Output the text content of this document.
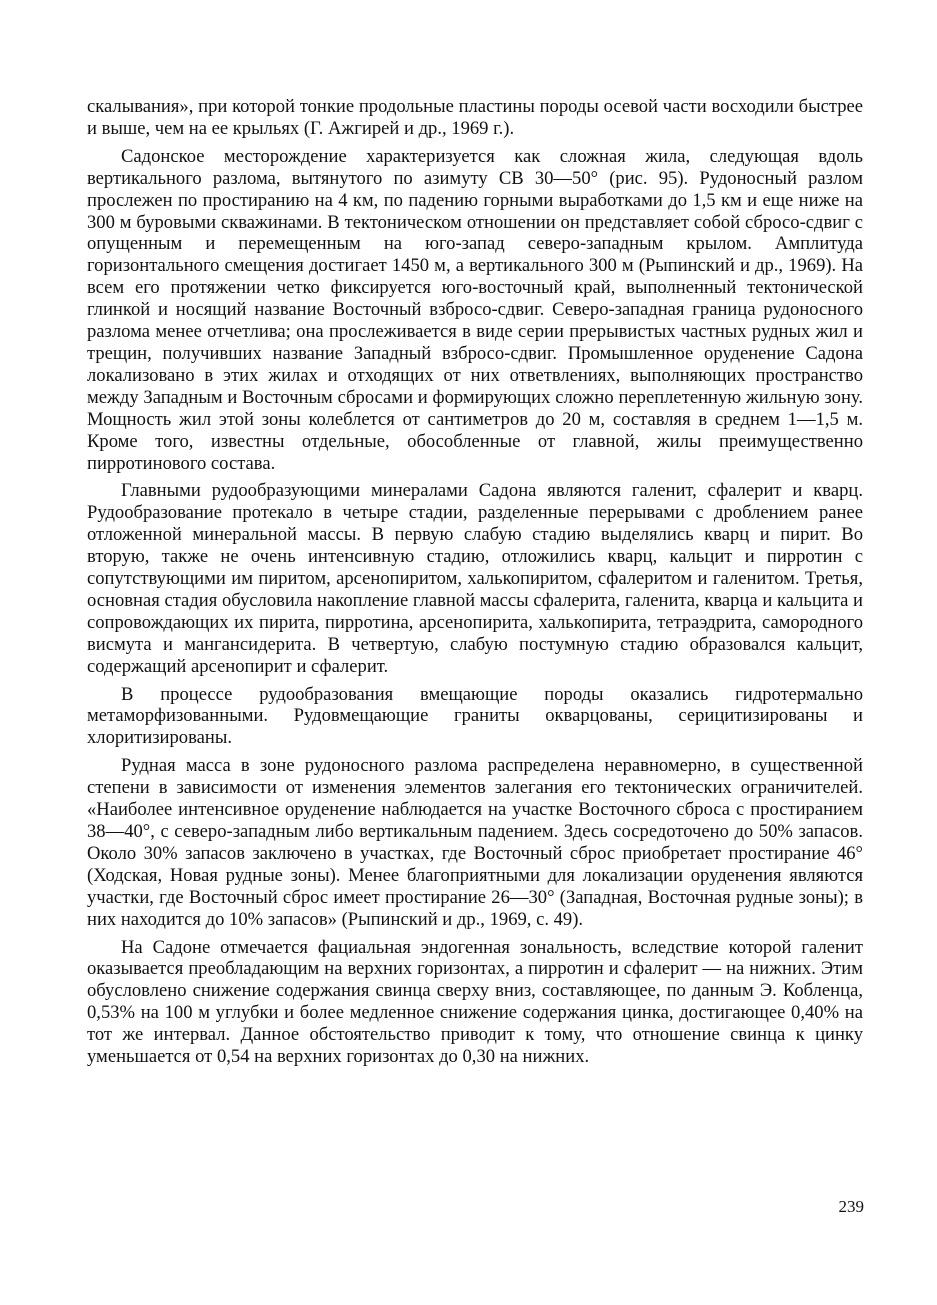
скалывания», при которой тонкие продольные пластины породы осевой части восходили быстрее и выше, чем на ее крыльях (Г. Ажгирей и др., 1969 г.).

Садонское месторождение характеризуется как сложная жила, следующая вдоль вертикального разлома, вытянутого по азимуту СВ 30—50° (рис. 95). Рудоносный разлом прослежен по простиранию на 4 км, по падению горными выработками до 1,5 км и еще ниже на 300 м буровыми скважинами. В тектоническом отношении он представляет собой сбросо-сдвиг с опущенным и перемещенным на юго-запад северо-западным крылом. Амплитуда горизонтального смещения достигает 1450 м, а вертикального 300 м (Рыпинский и др., 1969). На всем его протяжении четко фиксируется юго-восточный край, выполненный тектонической глинкой и носящий название Восточный взбросо-сдвиг. Северо-западная граница рудоносного разлома менее отчетлива; она прослеживается в виде серии прерывистых частных рудных жил и трещин, получивших название Западный взбросо-сдвиг. Промышленное оруденение Садона локализовано в этих жилах и отходящих от них ответвлениях, выполняющих пространство между Западным и Восточным сбросами и формирующих сложно переплетенную жильную зону. Мощность жил этой зоны колеблется от сантиметров до 20 м, составляя в среднем 1—1,5 м. Кроме того, известны отдельные, обособленные от главной, жилы преимущественно пирротинового состава.

Главными рудообразующими минералами Садона являются галенит, сфалерит и кварц. Рудообразование протекало в четыре стадии, разделенные перерывами с дроблением ранее отложенной минеральной массы. В первую слабую стадию выделялись кварц и пирит. Во вторую, также не очень интенсивную стадию, отложились кварц, кальцит и пирротин с сопутствующими им пиритом, арсенопиритом, халькопиритом, сфалеритом и галенитом. Третья, основная стадия обусловила накопление главной массы сфалерита, галенита, кварца и кальцита и сопровождающих их пирита, пирротина, арсенопирита, халькопирита, тетраэдрита, самородного висмута и мангансидерита. В четвертую, слабую постумную стадию образовался кальцит, содержащий арсенопирит и сфалерит.

В процессе рудообразования вмещающие породы оказались гидротермально метаморфизованными. Рудовмещающие граниты окварцованы, серицитизированы и хлоритизированы.

Рудная масса в зоне рудоносного разлома распределена неравномерно, в существенной степени в зависимости от изменения элементов залегания его тектонических ограничителей. «Наиболее интенсивное оруденение наблюдается на участке Восточного сброса с простиранием 38—40°, с северо-западным либо вертикальным падением. Здесь сосредоточено до 50% запасов. Около 30% запасов заключено в участках, где Восточный сброс приобретает простирание 46° (Ходская, Новая рудные зоны). Менее благоприятными для локализации оруденения являются участки, где Восточный сброс имеет простирание 26—30° (Западная, Восточная рудные зоны); в них находится до 10% запасов» (Рыпинский и др., 1969, с. 49).

На Садоне отмечается фациальная эндогенная зональность, вследствие которой галенит оказывается преобладающим на верхних горизонтах, а пирротин и сфалерит — на нижних. Этим обусловлено снижение содержания свинца сверху вниз, составляющее, по данным Э. Кобленца, 0,53% на 100 м углубки и более медленное снижение содержания цинка, достигающее 0,40% на тот же интервал. Данное обстоятельство приводит к тому, что отношение свинца к цинку уменьшается от 0,54 на верхних горизонтах до 0,30 на нижних.

239
